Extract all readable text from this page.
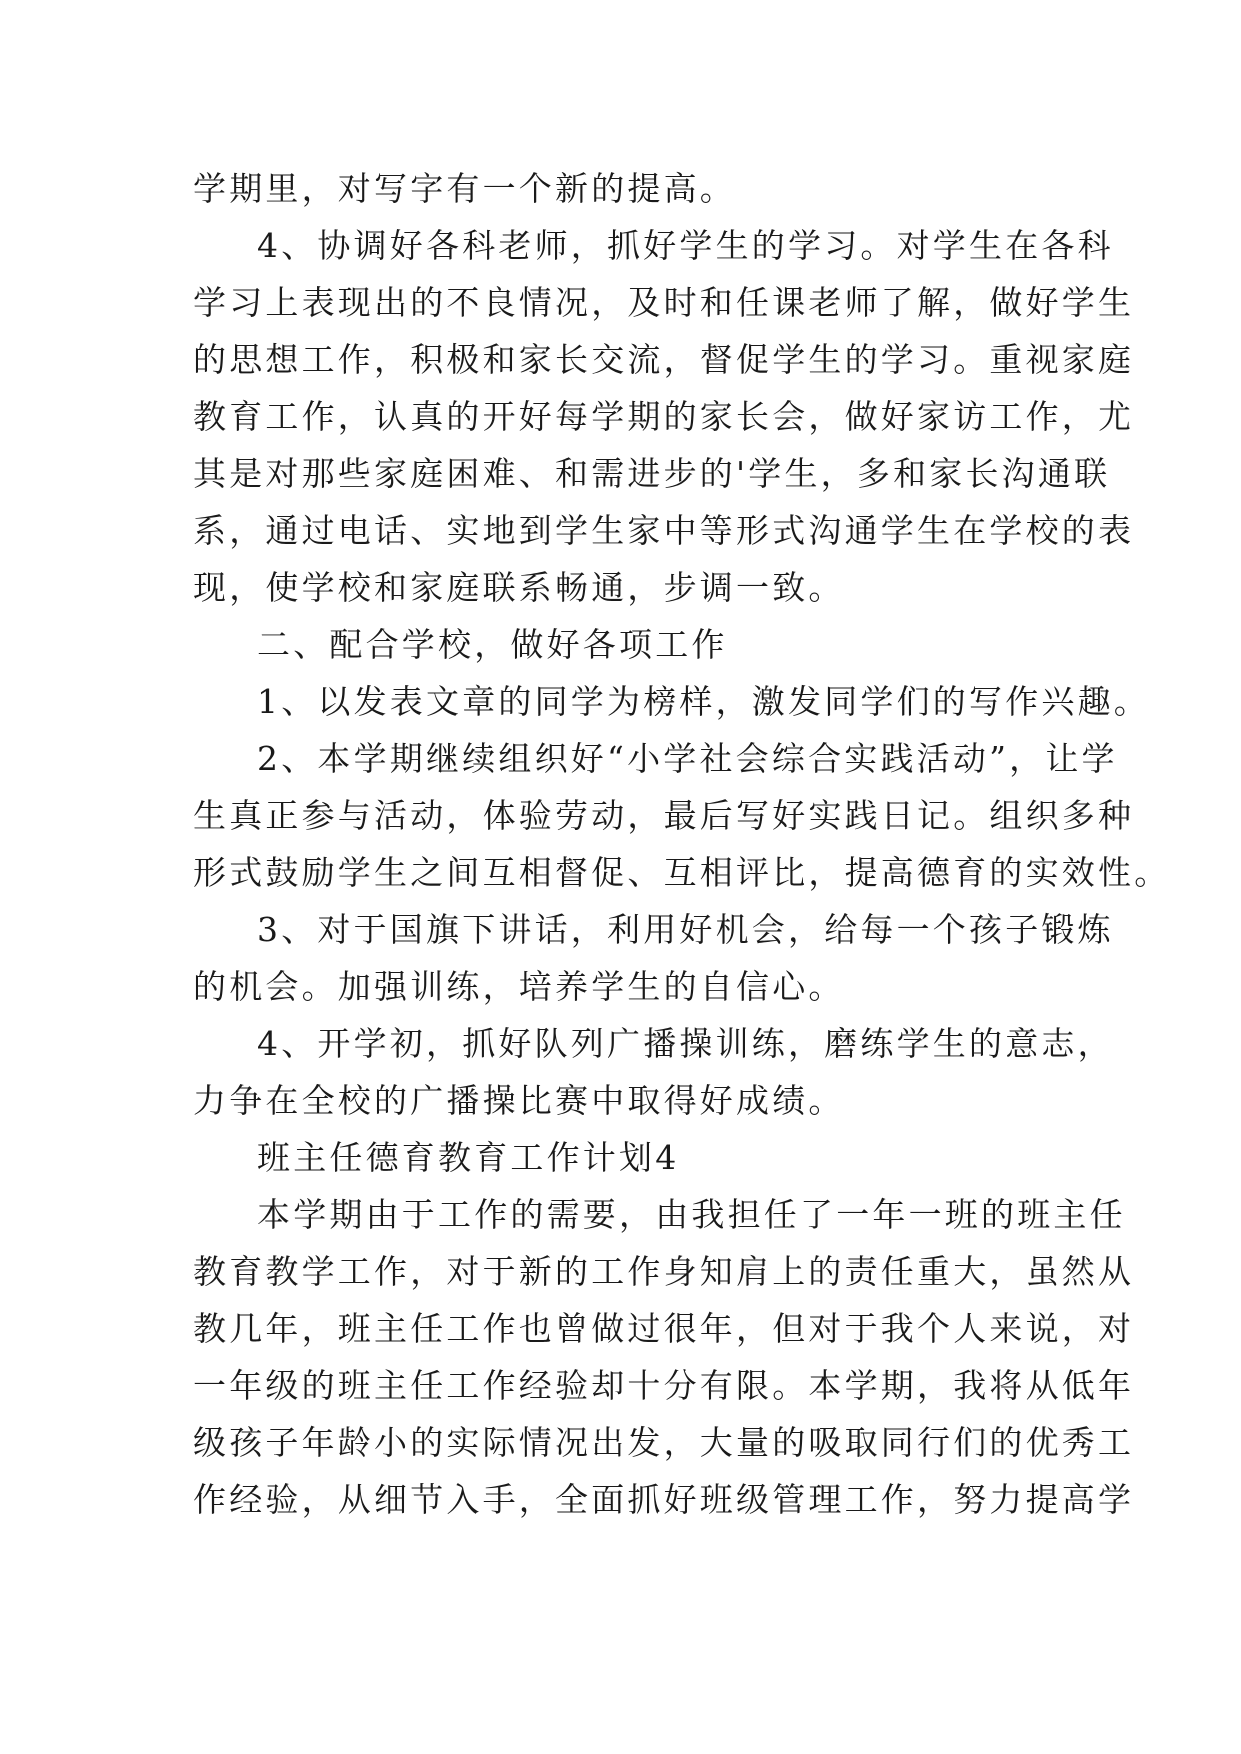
学期里，对写字有一个新的提高。
4、协调好各科老师，抓好学生的学习。对学生在各科
学习上表现出的不良情况，及时和任课老师了解，做好学生
的思想工作，积极和家长交流，督促学生的学习。重视家庭
教育工作，认真的开好每学期的家长会，做好家访工作，尤
其是对那些家庭困难、和需进步的'学生，多和家长沟通联
系，通过电话、实地到学生家中等形式沟通学生在学校的表
现，使学校和家庭联系畅通，步调一致。
二、配合学校，做好各项工作
1、以发表文章的同学为榜样，激发同学们的写作兴趣。
2、本学期继续组织好“小学社会综合实践活动”，让学
生真正参与活动，体验劳动，最后写好实践日记。组织多种
形式鼓励学生之间互相督促、互相评比，提高德育的实效性。
3、对于国旗下讲话，利用好机会，给每一个孩子锻炼
的机会。加强训练，培养学生的自信心。
4、开学初，抓好队列广播操训练，磨练学生的意志，
力争在全校的广播操比赛中取得好成绩。
班主任德育教育工作计划4
本学期由于工作的需要，由我担任了一年一班的班主任
教育教学工作，对于新的工作身知肩上的责任重大，虽然从
教几年，班主任工作也曾做过很年，但对于我个人来说，对
一年级的班主任工作经验却十分有限。本学期，我将从低年
级孩子年龄小的实际情况出发，大量的吸取同行们的优秀工
作经验，从细节入手，全面抓好班级管理工作，努力提高学
